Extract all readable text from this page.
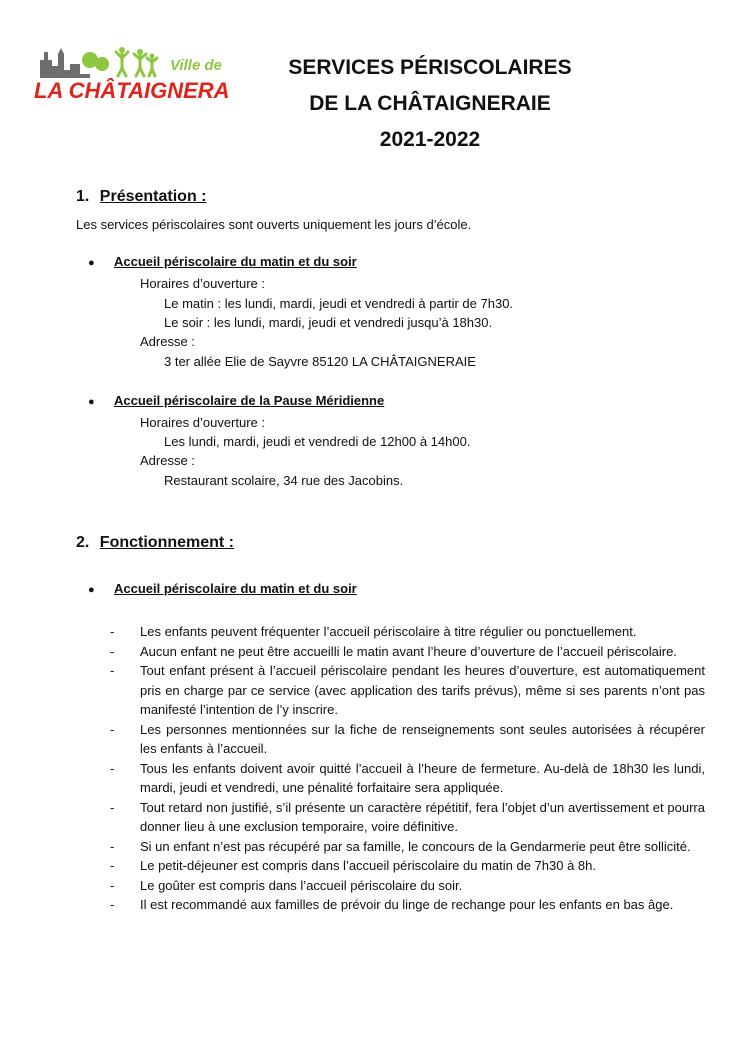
Ville de
LA CHÂTAIGNERAIE
SERVICES PÉRISCOLAIRES
DE LA CHÂTAIGNERAIE
2021-2022
1. Présentation :
Les services périscolaires sont ouverts uniquement les jours d’école.
● Accueil périscolaire du matin et du soir
Horaires d’ouverture :
Le matin : les lundi, mardi, jeudi et vendredi à partir de 7h30.
Le soir : les lundi, mardi, jeudi et vendredi jusqu’à 18h30.
Adresse :
3 ter allée Elie de Sayvre 85120 LA CHÂTAIGNERAIE
● Accueil périscolaire de la Pause Méridienne
Horaires d’ouverture :
Les lundi, mardi, jeudi et vendredi de 12h00 à 14h00.
Adresse :
Restaurant scolaire, 34 rue des Jacobins.
2. Fonctionnement :
● Accueil périscolaire du matin et du soir
- Les enfants peuvent fréquenter l’accueil périscolaire à titre régulier ou ponctuellement.
- Aucun enfant ne peut être accueilli le matin avant l’heure d’ouverture de l’accueil périscolaire.
- Tout enfant présent à l’accueil périscolaire pendant les heures d’ouverture, est automatiquement pris en charge par ce service (avec application des tarifs prévus), même si ses parents n’ont pas manifesté l’intention de l’y inscrire.
- Les personnes mentionnées sur la fiche de renseignements sont seules autorisées à récupérer les enfants à l’accueil.
- Tous les enfants doivent avoir quitté l’accueil à l’heure de fermeture. Au-delà de 18h30 les lundi, mardi, jeudi et vendredi, une pénalité forfaitaire sera appliquée.
- Tout retard non justifié, s’il présente un caractère répétitif, fera l’objet d’un avertissement et pourra donner lieu à une exclusion temporaire, voire définitive.
- Si un enfant n’est pas récupéré par sa famille, le concours de la Gendarmerie peut être sollicité.
- Le petit-déjeuner est compris dans l’accueil périscolaire du matin de 7h30 à 8h.
- Le goûter est compris dans l’accueil périscolaire du soir.
- Il est recommandé aux familles de prévoir du linge de rechange pour les enfants en bas âge.
